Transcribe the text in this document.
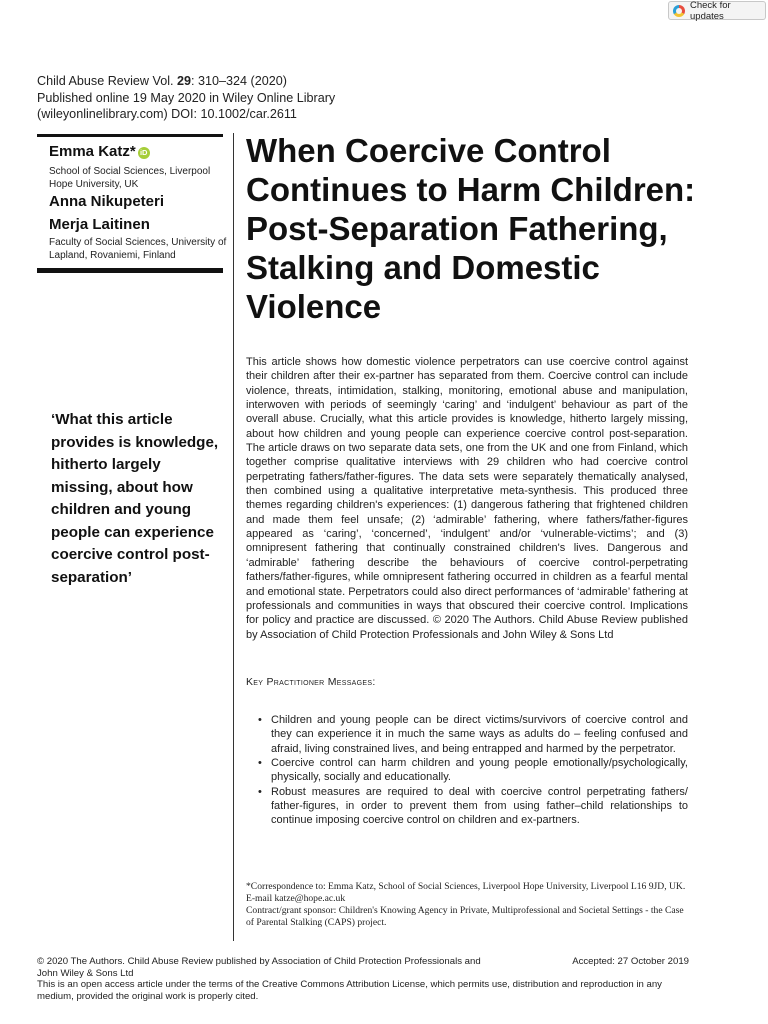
Check for updates
Child Abuse Review Vol. 29: 310–324 (2020)
Published online 19 May 2020 in Wiley Online Library
(wileyonlinelibrary.com) DOI: 10.1002/car.2611
Emma Katz* iD
School of Social Sciences, Liverpool Hope University, UK
Anna Nikupeteri
Merja Laitinen
Faculty of Social Sciences, University of Lapland, Rovaniemi, Finland
‘What this article provides is knowledge, hitherto largely missing, about how children and young people can experience coercive control post-separation’
When Coercive Control Continues to Harm Children: Post-Separation Fathering, Stalking and Domestic Violence

This article shows how domestic violence perpetrators can use coercive control against their children after their ex-partner has separated from them. Coercive control can include violence, threats, intimidation, stalking, monitoring, emotional abuse and manipulation, interwoven with periods of seemingly ‘caring’ and ‘indulgent’ behaviour as part of the overall abuse. Crucially, what this article provides is knowledge, hitherto largely missing, about how children and young people can experience coercive control post-separation. The article draws on two separate data sets, one from the UK and one from Finland, which together comprise qualitative interviews with 29 children who had coercive control perpetrating fathers/father-figures. The data sets were separately thematically analysed, then combined using a qualitative interpretative meta-synthesis. This produced three themes regarding children's experiences: (1) dangerous fathering that frightened children and made them feel unsafe; (2) ‘admirable’ fathering, where fathers/father-figures appeared as ‘caring’, ‘concerned’, ‘indulgent’ and/or ‘vulnerable-victims’; and (3) omnipresent fathering that continually constrained children's lives. Dangerous and ‘admirable’ fathering describe the behaviours of coercive control-perpetrating fathers/father-figures, while omnipresent fathering occurred in children as a fearful mental and emotional state. Perpetrators could also direct performances of ‘admirable’ fathering at professionals and communities in ways that obscured their coercive control. Implications for policy and practice are discussed. © 2020 The Authors. Child Abuse Review published by Association of Child Protection Professionals and John Wiley & Sons Ltd

Key Practitioner Messages:
• Children and young people can be direct victims/survivors of coercive control and they can experience it in much the same ways as adults do – feeling confused and afraid, living constrained lives, and being entrapped and harmed by the perpetrator.
• Coercive control can harm children and young people emotionally/psychologically, physically, socially and educationally.
• Robust measures are required to deal with coercive control perpetrating fathers/ father-figures, in order to prevent them from using father–child relationships to continue imposing coercive control on children and ex-partners.

*Correspondence to: Emma Katz, School of Social Sciences, Liverpool Hope University, Liverpool L16 9JD, UK. E-mail katze@hope.ac.uk

Contract/grant sponsor: Children's Knowing Agency in Private, Multiprofessional and Societal Settings - the Case of Parental Stalking (CAPS) project.

© 2020 The Authors. Child Abuse Review published by Association of Child Protection Professionals and John Wiley & Sons Ltd
Accepted: 27 October 2019
This is an open access article under the terms of the Creative Commons Attribution License, which permits use, distribution and reproduction in any medium, provided the original work is properly cited.
